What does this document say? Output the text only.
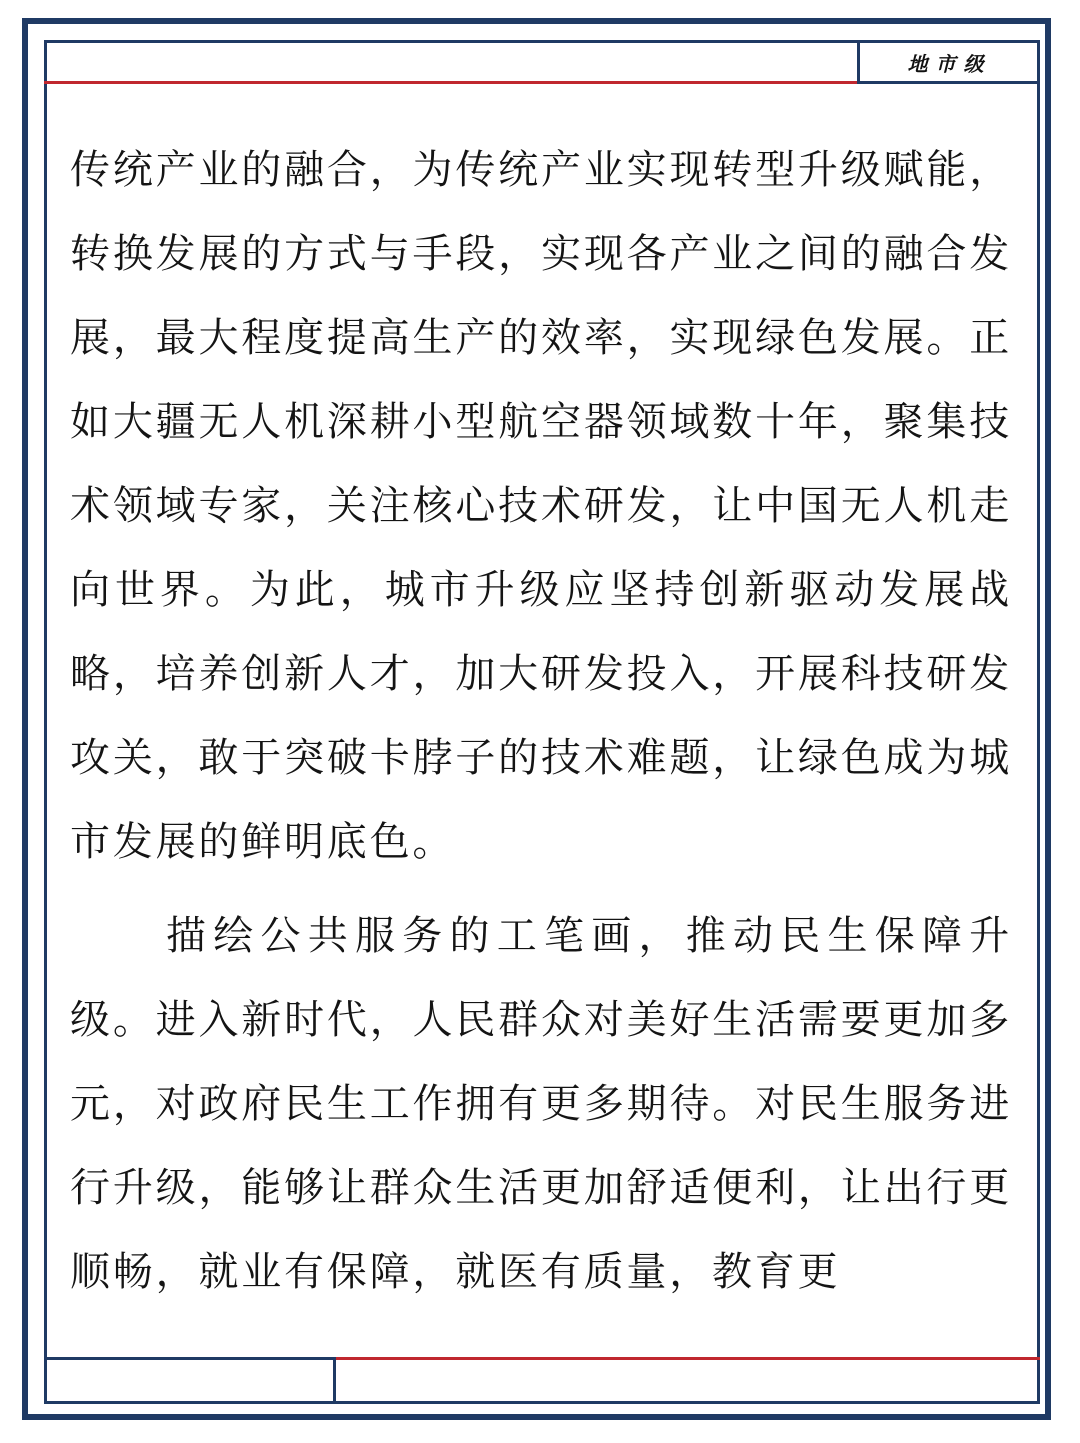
地市级

传统产业的融合，为传统产业实现转型升级赋能，转换发展的方式与手段，实现各产业之间的融合发展，最大程度提高生产的效率，实现绿色发展。正如大疆无人机深耕小型航空器领域数十年，聚集技术领域专家，关注核心技术研发，让中国无人机走向世界。为此，城市升级应坚持创新驱动发展战略，培养创新人才，加大研发投入，开展科技研发攻关，敢于突破卡脖子的技术难题，让绿色成为城市发展的鲜明底色。

描绘公共服务的工笔画，推动民生保障升级。进入新时代，人民群众对美好生活需要更加多元，对政府民生工作拥有更多期待。对民生服务进行升级，能够让群众生活更加舒适便利，让出行更顺畅，就业有保障，就医有质量，教育更
